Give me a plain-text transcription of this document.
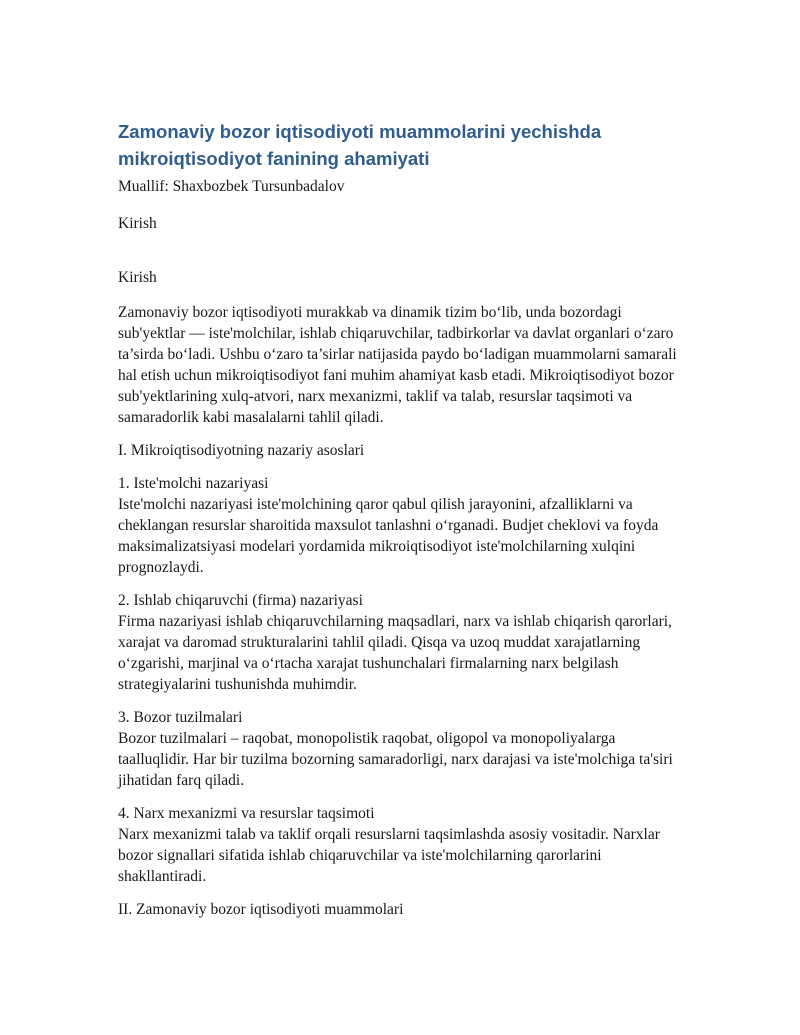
Zamonaviy bozor iqtisodiyoti muammolarini yechishda mikroiqtisodiyot fanining ahamiyati

Muallif: Shaxbozbek Tursunbadalov

Kirish

Kirish

Zamonaviy bozor iqtisodiyoti murakkab va dinamik tizim bo‘lib, unda bozordagi sub'yektlar — iste'molchilar, ishlab chiqaruvchilar, tadbirkorlar va davlat organlari o‘zaro ta’sirda bo‘ladi. Ushbu o‘zaro ta’sirlar natijasida paydo bo‘ladigan muammolarni samarali hal etish uchun mikroiqtisodiyot fani muhim ahamiyat kasb etadi. Mikroiqtisodiyot bozor sub'yektlarining xulq-atvori, narx mexanizmi, taklif va talab, resurslar taqsimoti va samaradorlik kabi masalalarni tahlil qiladi.

I. Mikroiqtisodiyotning nazariy asoslari

1. Iste'molchi nazariyasi
Iste'molchi nazariyasi iste'molchining qaror qabul qilish jarayonini, afzalliklarni va cheklangan resurslar sharoitida maxsulot tanlashni o‘rganadi. Budjet cheklovi va foyda maksimalizatsiyasi modelari yordamida mikroiqtisodiyot iste'molchilarning xulqini prognozlaydi.
2. Ishlab chiqaruvchi (firma) nazariyasi
Firma nazariyasi ishlab chiqaruvchilarning maqsadlari, narx va ishlab chiqarish qarorlari, xarajat va daromad strukturalarini tahlil qiladi. Qisqa va uzoq muddat xarajatlarning o‘zgarishi, marjinal va o‘rtacha xarajat tushunchalari firmalarning narx belgilash strategiyalarini tushunishda muhimdir.
3. Bozor tuzilmalari
Bozor tuzilmalari – raqobat, monopolistik raqobat, oligopol va monopoliyalarga taalluqlidir. Har bir tuzilma bozorning samaradorligi, narx darajasi va iste'molchiga ta'siri jihatidan farq qiladi.
4. Narx mexanizmi va resurslar taqsimoti
Narx mexanizmi talab va taklif orqali resurslarni taqsimlashda asosiy vositadir. Narxlar bozor signallari sifatida ishlab chiqaruvchilar va iste'molchilarning qarorlarini shakllantiradi.

II. Zamonaviy bozor iqtisodiyoti muammolari
